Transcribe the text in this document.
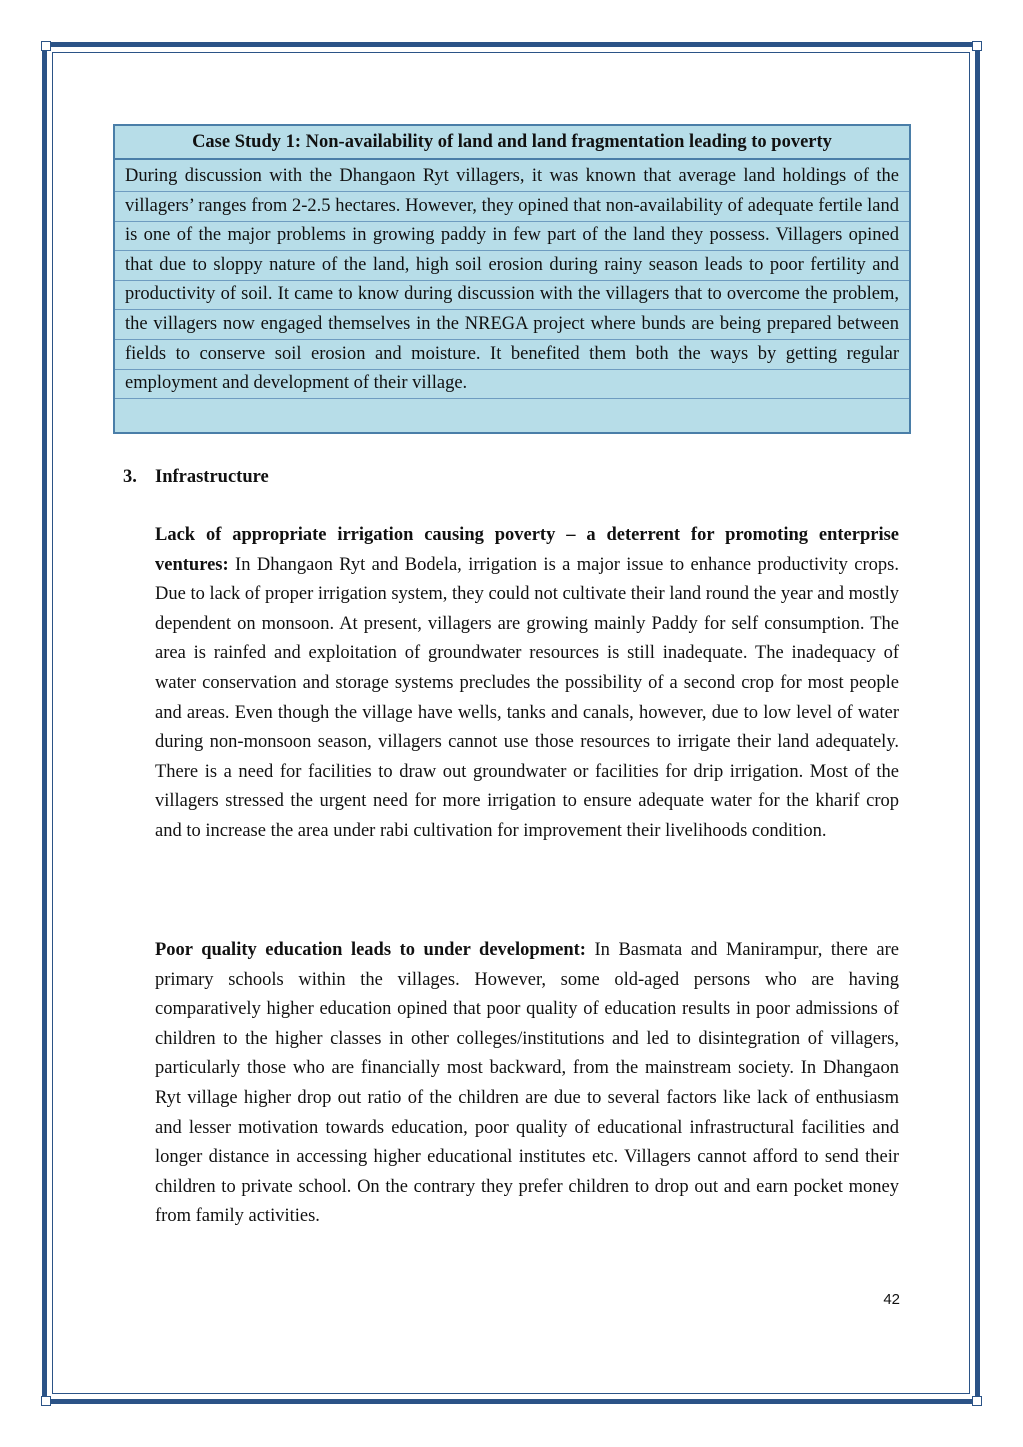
Case Study 1: Non-availability of land and land fragmentation leading to poverty
During discussion with the Dhangaon Ryt villagers, it was known that average land holdings of the villagers’ ranges from 2-2.5 hectares. However, they opined that non-availability of adequate fertile land is one of the major problems in growing paddy in few part of the land they possess. Villagers opined that due to sloppy nature of the land, high soil erosion during rainy season leads to poor fertility and productivity of soil. It came to know during discussion with the villagers that to overcome the problem, the villagers now engaged themselves in the NREGA project where bunds are being prepared between fields to conserve soil erosion and moisture. It benefited them both the ways by getting regular employment and development of their village.
3. Infrastructure

Lack of appropriate irrigation causing poverty – a deterrent for promoting enterprise ventures: In Dhangaon Ryt and Bodela, irrigation is a major issue to enhance productivity crops. Due to lack of proper irrigation system, they could not cultivate their land round the year and mostly dependent on monsoon. At present, villagers are growing mainly Paddy for self consumption. The area is rainfed and exploitation of groundwater resources is still inadequate. The inadequacy of water conservation and storage systems precludes the possibility of a second crop for most people and areas. Even though the village have wells, tanks and canals, however, due to low level of water during non-monsoon season, villagers cannot use those resources to irrigate their land adequately. There is a need for facilities to draw out groundwater or facilities for drip irrigation. Most of the villagers stressed the urgent need for more irrigation to ensure adequate water for the kharif crop and to increase the area under rabi cultivation for improvement their livelihoods condition.

Poor quality education leads to under development: In Basmata and Manirampur, there are primary schools within the villages. However, some old-aged persons who are having comparatively higher education opined that poor quality of education results in poor admissions of children to the higher classes in other colleges/institutions and led to disintegration of villagers, particularly those who are financially most backward, from the mainstream society. In Dhangaon Ryt village higher drop out ratio of the children are due to several factors like lack of enthusiasm and lesser motivation towards education, poor quality of educational infrastructural facilities and longer distance in accessing higher educational institutes etc. Villagers cannot afford to send their children to private school. On the contrary they prefer children to drop out and earn pocket money from family activities.

42
